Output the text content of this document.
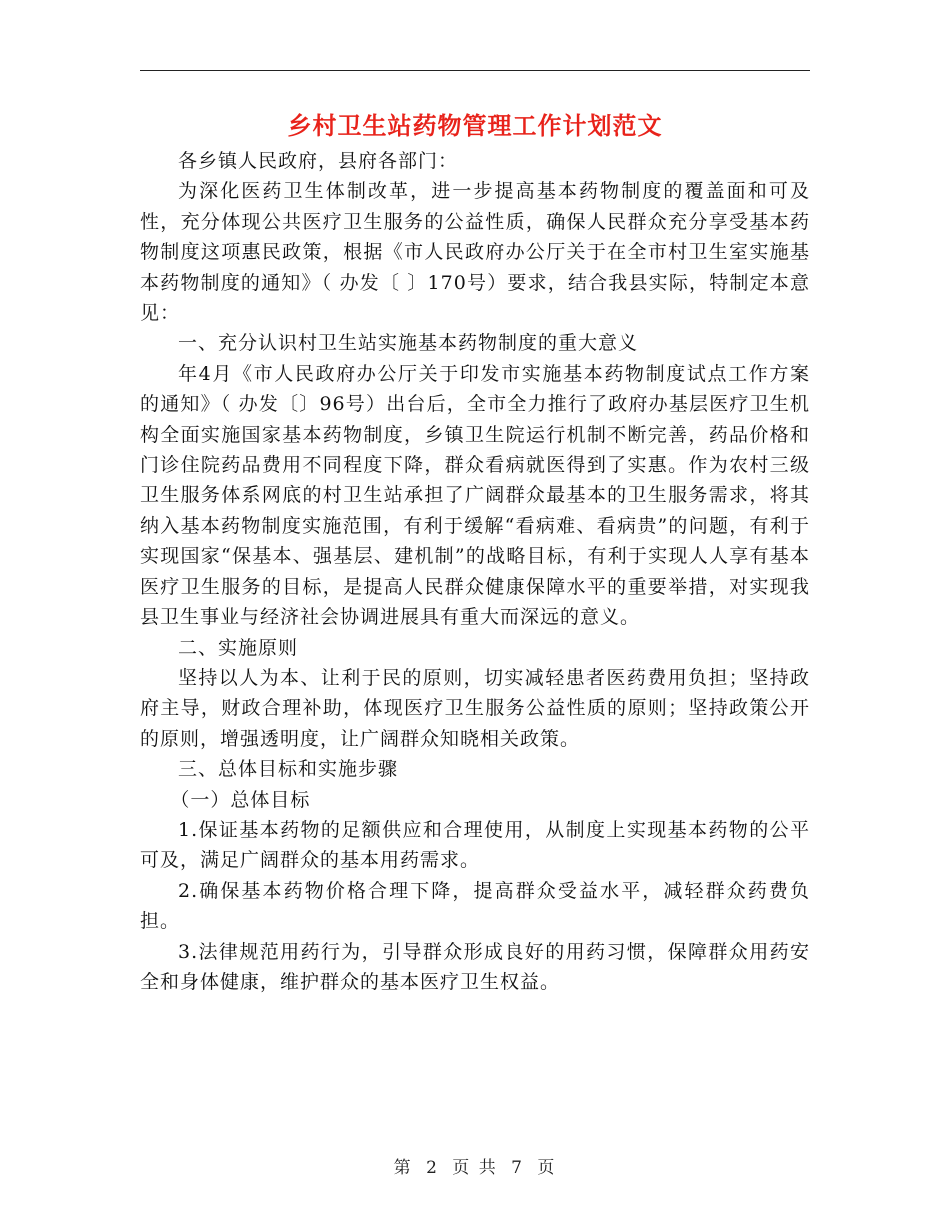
乡村卫生站药物管理工作计划范文

各乡镇人民政府，县府各部门：

为深化医药卫生体制改革，进一步提高基本药物制度的覆盖面和可及性，充分体现公共医疗卫生服务的公益性质，确保人民群众充分享受基本药物制度这项惠民政策，根据《市人民政府办公厅关于在全市村卫生室实施基本药物制度的通知》（ 办发〔 〕170号）要求，结合我县实际，特制定本意见：

一、充分认识村卫生站实施基本药物制度的重大意义

年4月《市人民政府办公厅关于印发市实施基本药物制度试点工作方案的通知》（ 办发〔〕96号）出台后，全市全力推行了政府办基层医疗卫生机构全面实施国家基本药物制度，乡镇卫生院运行机制不断完善，药品价格和门诊住院药品费用不同程度下降，群众看病就医得到了实惠。作为农村三级卫生服务体系网底的村卫生站承担了广阔群众最基本的卫生服务需求，将其纳入基本药物制度实施范围，有利于缓解“看病难、看病贵”的问题，有利于实现国家“保基本、强基层、建机制”的战略目标，有利于实现人人享有基本医疗卫生服务的目标，是提高人民群众健康保障水平的重要举措，对实现我县卫生事业与经济社会协调进展具有重大而深远的意义。

二、实施原则

坚持以人为本、让利于民的原则，切实减轻患者医药费用负担；坚持政府主导，财政合理补助，体现医疗卫生服务公益性质的原则；坚持政策公开的原则，增强透明度，让广阔群众知晓相关政策。

三、总体目标和实施步骤

（一）总体目标

1.保证基本药物的足额供应和合理使用，从制度上实现基本药物的公平可及，满足广阔群众的基本用药需求。

2.确保基本药物价格合理下降，提高群众受益水平，减轻群众药费负担。

3.法律规范用药行为，引导群众形成良好的用药习惯，保障群众用药安全和身体健康，维护群众的基本医疗卫生权益。

第 2 页 共 7 页
